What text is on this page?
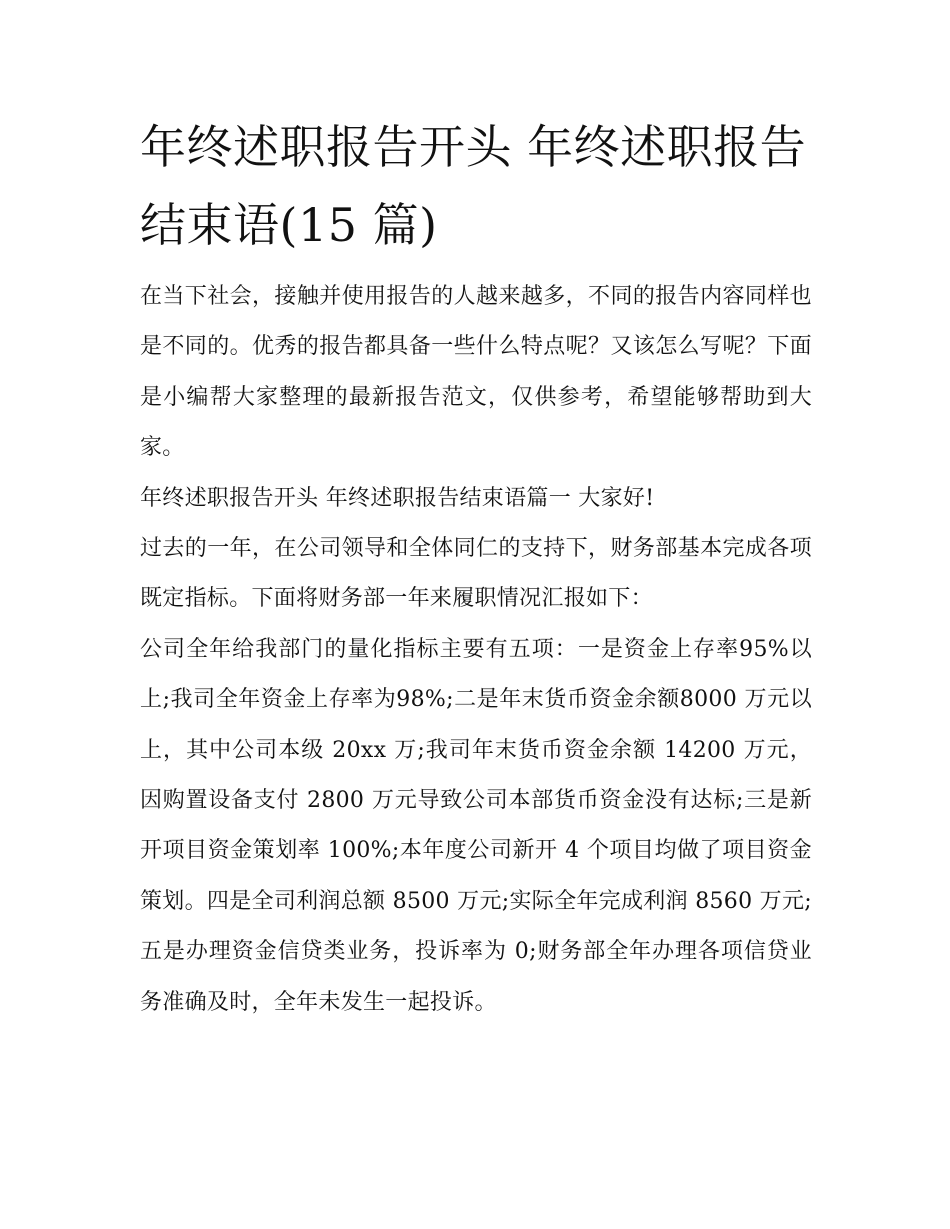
年终述职报告开头 年终述职报告结束语(15 篇)

在当下社会，接触并使用报告的人越来越多，不同的报告内容同样也是不同的。优秀的报告都具备一些什么特点呢？又该怎么写呢？下面是小编帮大家整理的最新报告范文，仅供参考，希望能够帮助到大家。

年终述职报告开头 年终述职报告结束语篇一 大家好!

过去的一年，在公司领导和全体同仁的支持下，财务部基本完成各项既定指标。下面将财务部一年来履职情况汇报如下：

公司全年给我部门的量化指标主要有五项：一是资金上存率95%以上;我司全年资金上存率为98%;二是年末货币资金余额8000 万元以上，其中公司本级 20xx 万;我司年末货币资金余额 14200 万元，因购置设备支付 2800 万元导致公司本部货币资金没有达标;三是新开项目资金策划率 100%;本年度公司新开 4 个项目均做了项目资金策划。四是全司利润总额 8500 万元;实际全年完成利润 8560 万元;五是办理资金信贷类业务，投诉率为 0;财务部全年办理各项信贷业务准确及时，全年未发生一起投诉。
